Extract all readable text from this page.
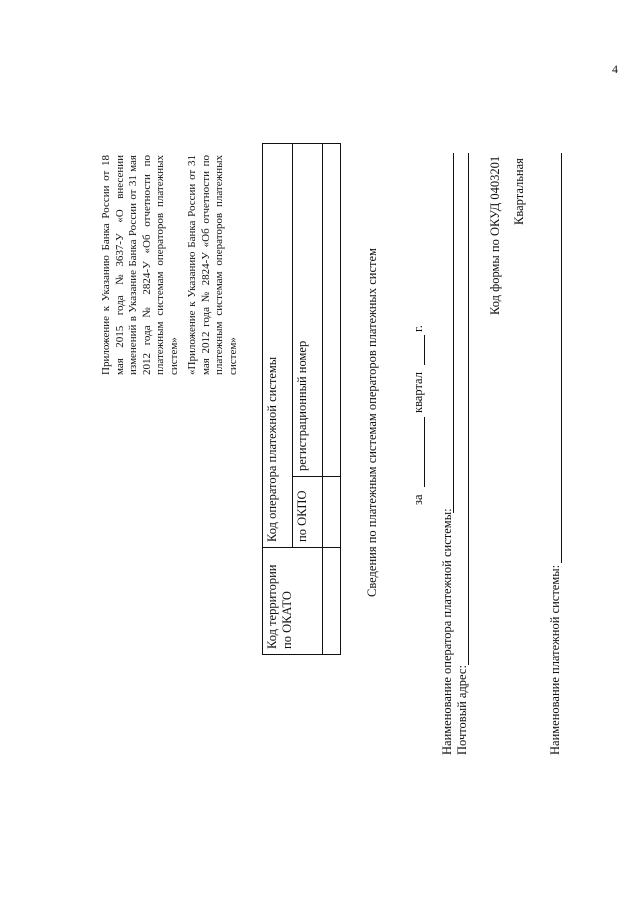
4
Приложение к Указанию Банка России от 18 мая 2015 года №3637-У «О внесении изменений в Указание Банка России от 31 мая 2012 года № 2824-У «Об отчетности по платежным системам операторов платежных систем» «Приложение к Указанию Банка России от 31 мая 2012 года № 2824-У «Об отчетности по платежным системам операторов платежных систем»
Код территории по ОКАТО	Код оператора платежной системы	
	по ОКПО	регистрационный номер
			Сведения по платежным системам операторов платежных систем	за
квартал
г.
Наименование оператора платежной системы: Почтовый адрес:
Код формы по ОКУД 0403201 Квартальная
Наименование платежной системы:
